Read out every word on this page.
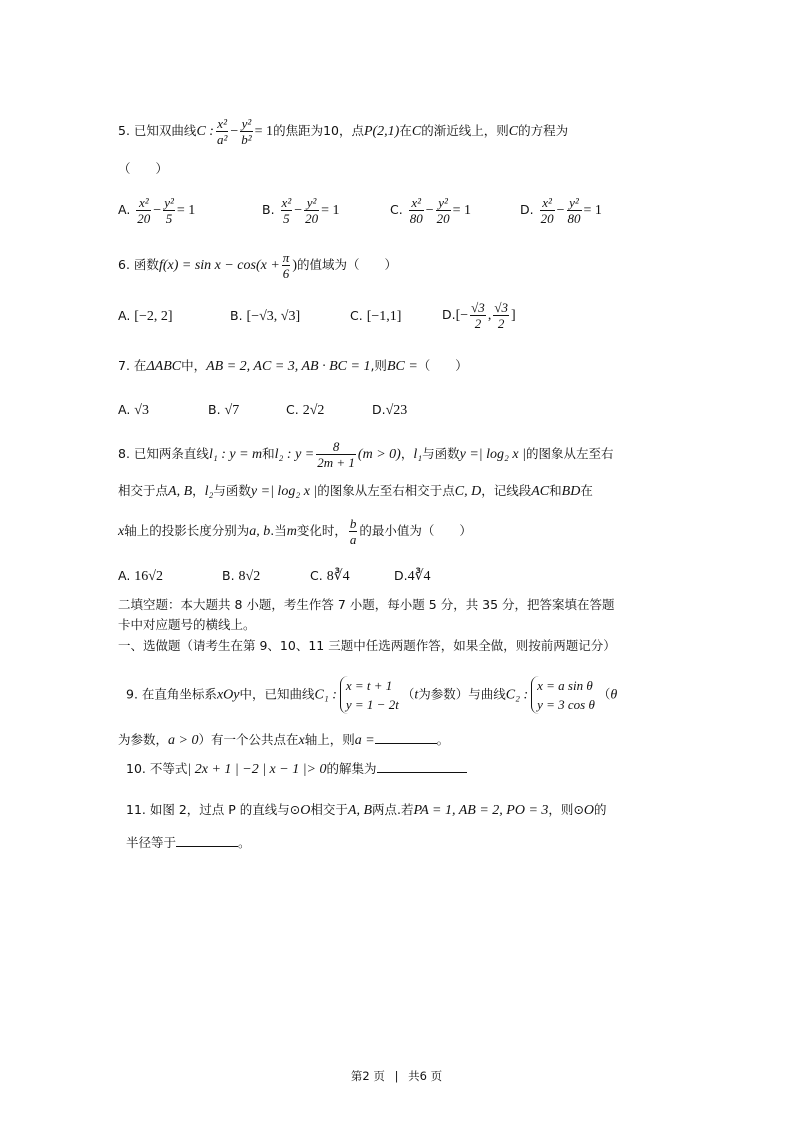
5. 已知双曲线C : $\frac{\text{x²}}{\text{a²}} - \frac{\text{y²}}{\text{b²}} = 1$的焦距为10，点P(2,1)在C的渐近线上，则C的方程为
（　　）
A. $\frac{\text{x²}}{20} - \frac{\text{y²}}{5} = 1$	B. $\frac{\text{x²}}{5} - \frac{\text{y²}}{20} = 1$	C. $\frac{\text{x²}}{80} - \frac{\text{y²}}{20} = 1$	D. $\frac{\text{x²}}{20} - \frac{\text{y²}}{80} = 1$
6. 函数$f(x) = \sin x - \cos(x + \frac{\pi}{6}$ )的值域为（　　）
A. [−2, 2]	B. [−√3, √3]	C. [−1,1]	$D.[- \frac{√3}{2}$ , $\frac{√3}{2}$ ]
7. 在ΔABC中，AB = 2, AC = 3, AB · BC = 1,则BC =（　　）
A. √3	B. √7	C. 2√2	D.√23
8. 已知两条直线l₁ : y = m和l₂ : $y = \frac{8}{2m + 1} (m > 0)$，l₁与函数y =| log₂ x |的图象从左至右
相交于点A, B，l₂与函数y =| log₂ x |的图象从左至右相交于点C, D，记线段AC和BD在
x轴上的投影长度分别为a, b.当m变化时， $\frac{b}{a}$ 的最小值为（　　）
A. 16√2	B. 8√2	C. 8∛4	D.4∛4
二填空题：本大题共 8 小题，考生作答 7 小题，每小题 5 分，共 35 分，把答案填在答题
卡中对应题号的横线上。
一、选做题（请考生在第 9、10、11 三题中任选两题作答，如果全做，则按前两题记分）
9. 在直角坐标系xOy中，已知曲线C₁ :
x = t + 1
y = 1 − 2t
（t为参数）与曲线C₂ :
x = a sin θ
y = 3 cos θ
（θ
为参数，a > 0）有一个公共点在x轴上，则a =	。
10. 不等式| 2x + 1 | −2 | x − 1 |> 0的解集为
11. 如图 2，过点 P 的直线与⊙O相交于A, B两点.若PA = 1, AB = 2, PO = 3，则⊙O的
半径等于	。
第2 页 | 共6 页
